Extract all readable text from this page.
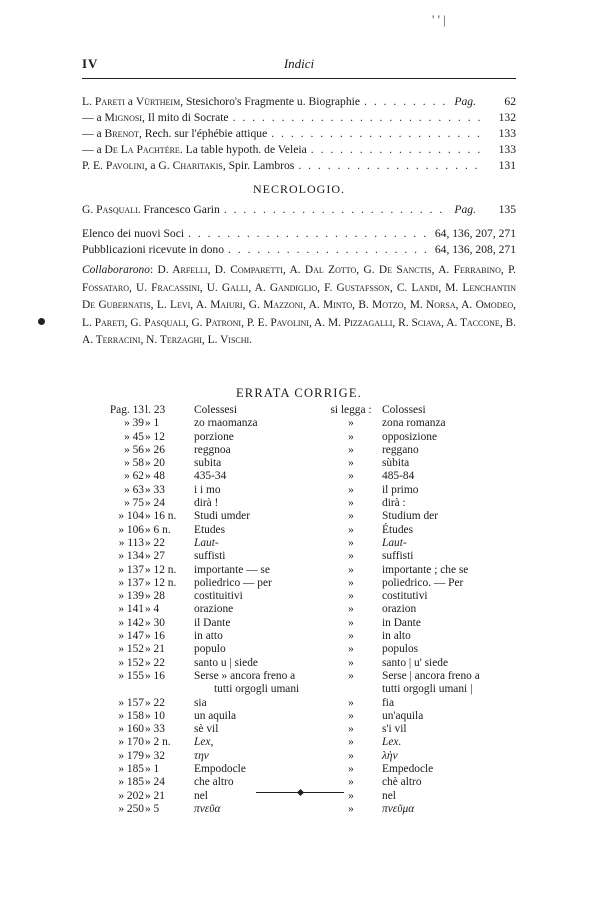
' ' |
IV	Indici
L. Pareti a Vürtheim, Stesichoro's Fragmente u. Biographie . . .	Pag.	62
— a Mignosi, Il mito di Socrate . . .	132
— a Brenot, Rech. sur l'éphébie attique . . .	133
— a De La Pachtère. La table hypoth. de Veleia . . .	133
P. E. Pavolini, a G. Charitakis, Spir. Lambros . . .	131
NECROLOGIO.
G. Pasquali. Francesco Garin . . .	Pag.	135
Elenco dei nuovi Soci . . .	64, 136, 207, 271
Pubblicazioni ricevute in dono . . .	64, 136, 208, 271
Collaborarono: D. Arfelli, D. Comparetti, A. Dal Zotto, G. De Sanctis, A. Ferrabino, P. Fossataro, U. Fracassini, U. Galli, A. Gandiglio, F. Gustafsson, C. Landi, M. Lenchantin De Gubernatis, L. Levi, A. Maiuri, G. Mazzoni, A. Minto, B. Motzo, M. Norsa, A. Omodeo, L. Pareti, G. Pasquali, G. Patroni, P. E. Pavolini, A. M. Pizzagalli, R. Sciava, A. Taccone, B. A. Terracini, N. Terzaghi, L. Vischi.
ERRATA CORRIGE.
Pag. 13 l. 23	Colessesi	si legga : Colossesi
» 39 » 1	zo rnaomanza	»	zona romanza
» 45 » 12	porzione	»	opposizione
» 56 » 26	reggnoa	»	reggano
» 58 » 20	subita	»	sùbita
» 62 » 48	435-34	»	485-84
» 63 » 33	i i mo	»	il primo
» 75 » 24	dirà !	»	dirà :
» 104 » 16 n.	Studi umder	»	Studium der
» 106 » 6 n.	Etudes	»	Études
» 113 » 22	Laut-	»	Laut-
» 134 » 27	suffisti	»	suffisti
» 137 » 12 n.	importante — se	»	importante ; che se
» 137 » 12 n.	poliedrico — per	»	poliedrico. — Per
» 139 » 28	costituitivi	»	costitutivi
» 141 » 4	orazione	»	orazion
» 142 » 30	il Dante	»	in Dante
» 147 » 16	in atto	»	in alto
» 152 » 21	populo	»	populos
» 152 » 22	santo u | siede	»	santo | u' siede
» 155 » 16	Serse » ancora freno a	»	Serse | ancora freno a
tutti orgogli umani	tutti orgogli umani |
» 157 » 22	sia	»	fia
» 158 » 10	un aquila	»	un'aquila
» 160 » 33	sè vil	»	s'i vil
» 170 » 2 n.	Lex,	»	Lex.
» 179 » 32	την	»	λὴν
» 185 » 1	Empodocle	»	Empedocle
» 185 » 24	che altro	»	chè altro
» 202 » 21	nel	»	nel
» 250 » 5	πνεῦα	»	πνεῦμα
